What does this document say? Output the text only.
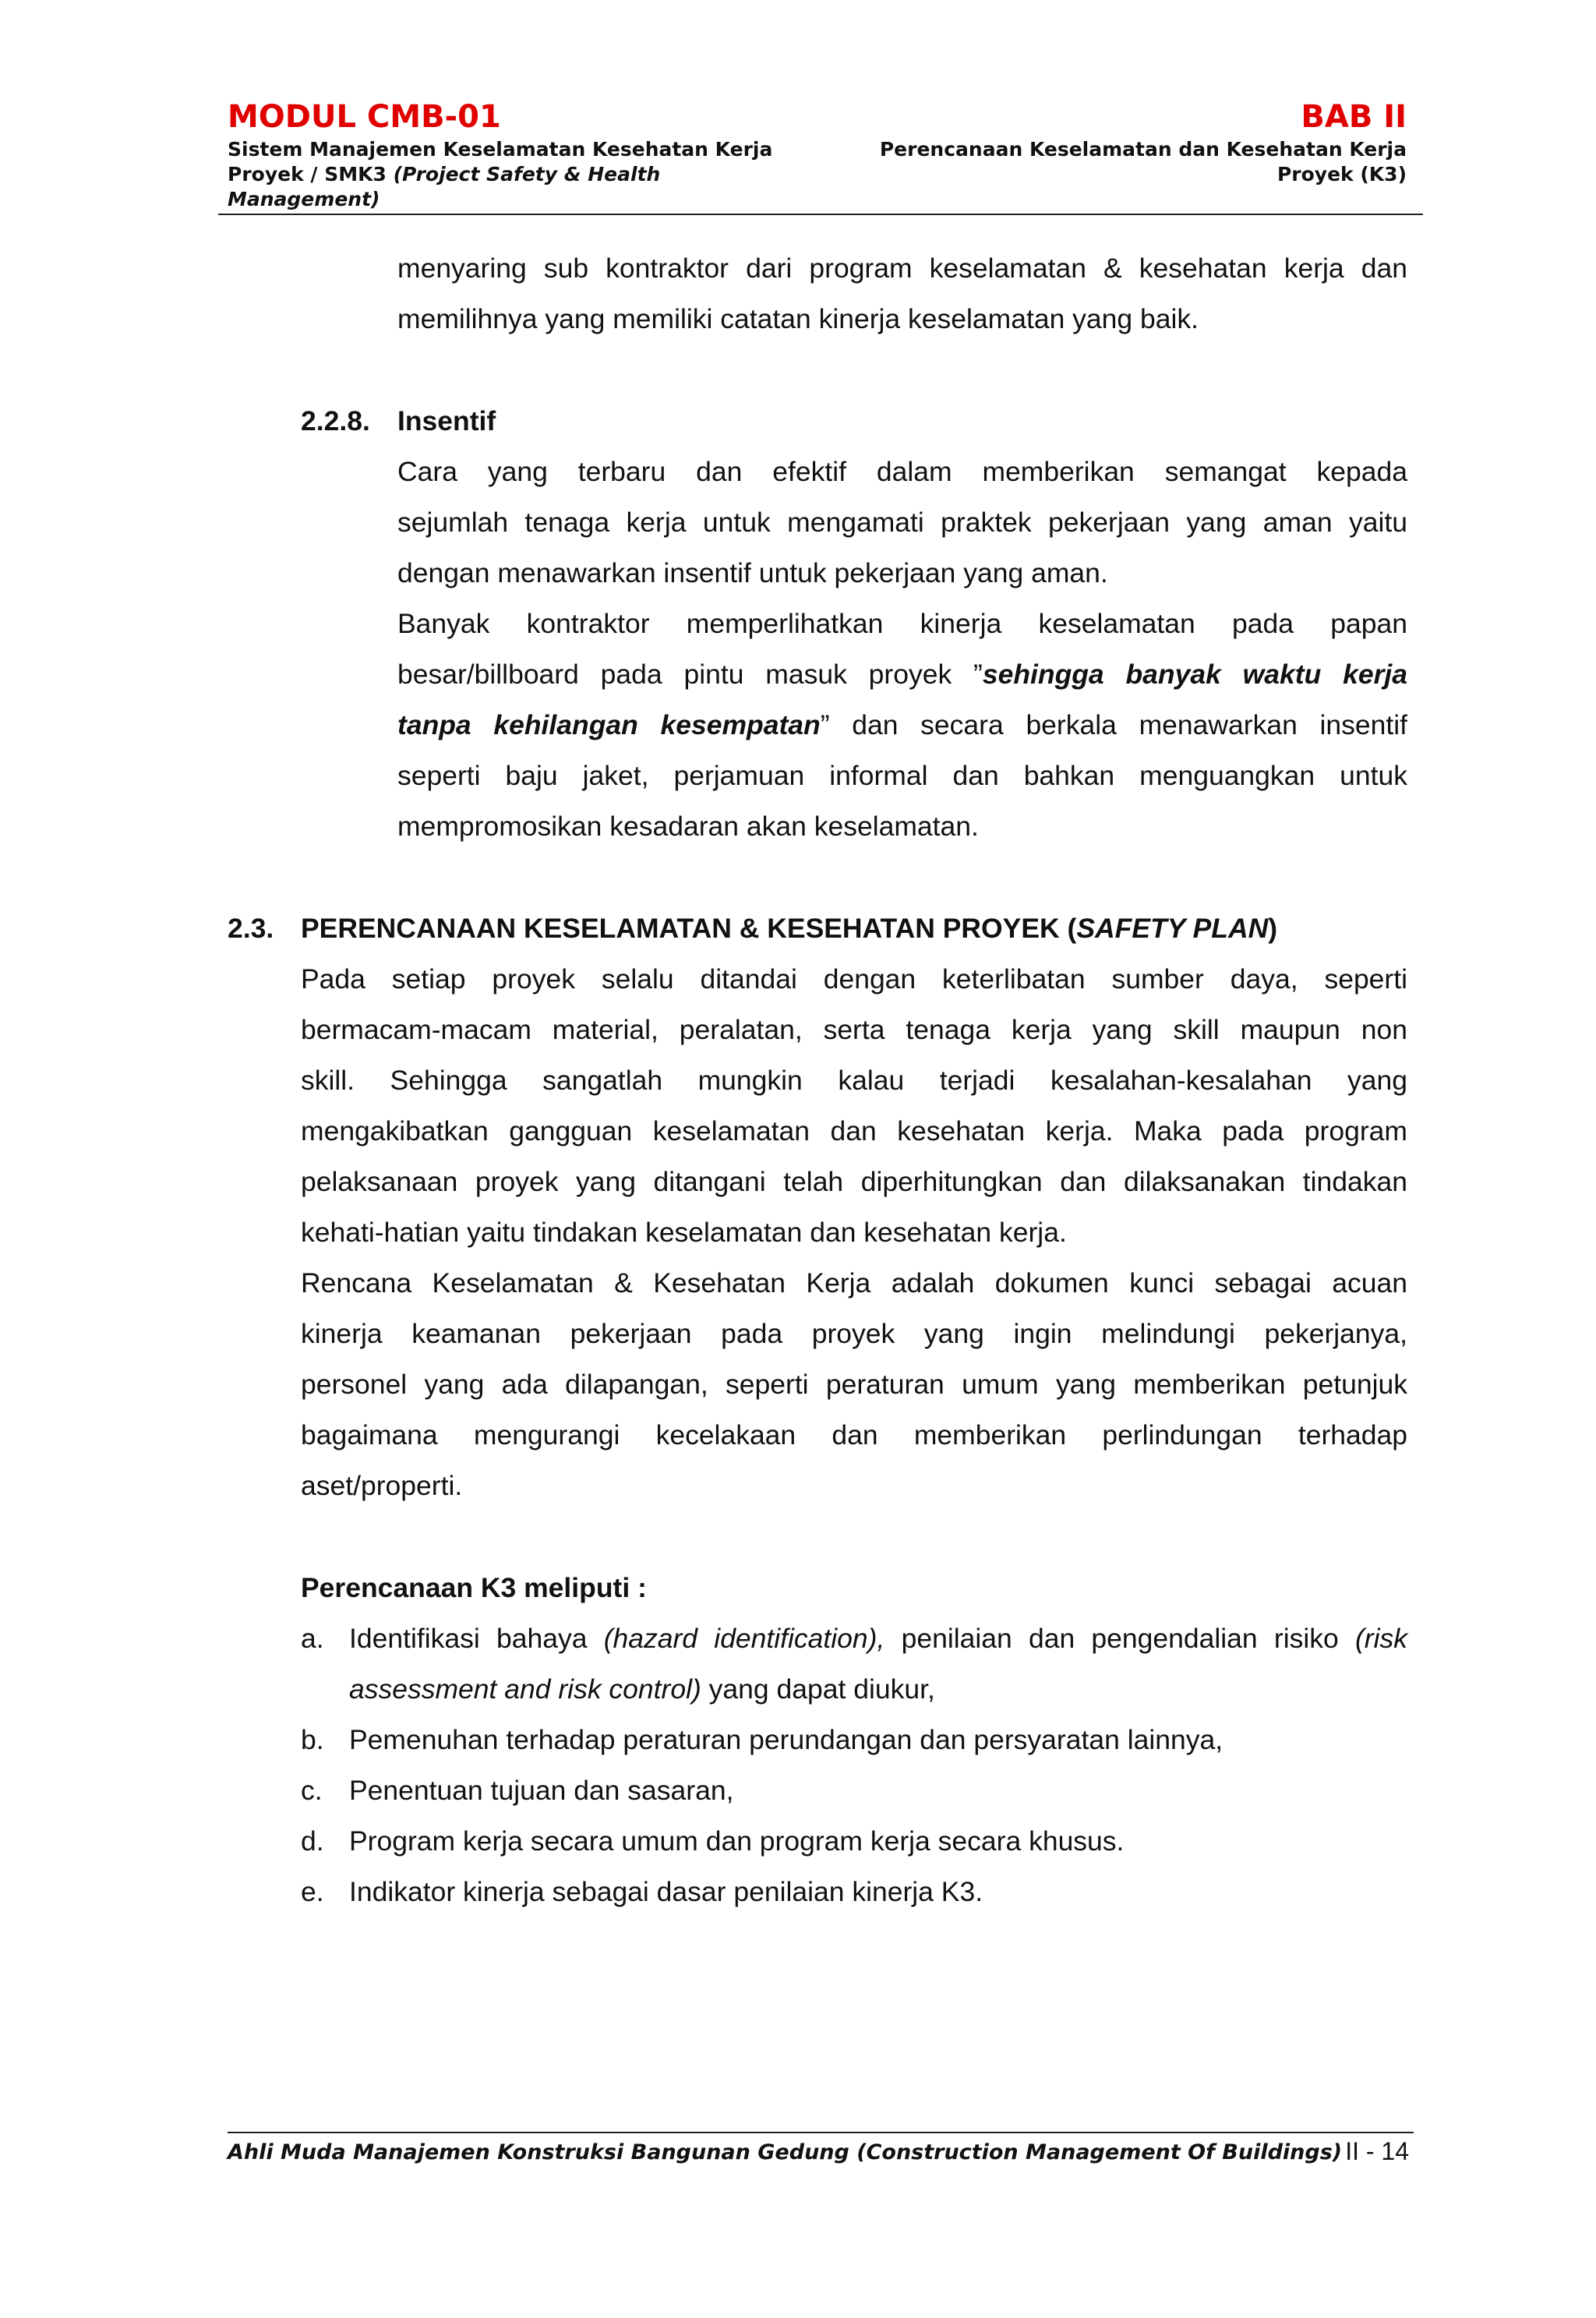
MODUL CMB-01
Sistem Manajemen Keselamatan Kesehatan Kerja
Proyek / SMK3 (Project Safety & Health
Management)
BAB II
Perencanaan Keselamatan dan Kesehatan Kerja
Proyek (K3)
menyaring sub kontraktor dari program keselamatan & kesehatan kerja dan
memilihnya yang memiliki catatan kinerja keselamatan yang baik.
2.2.8. Insentif
Cara yang terbaru dan efektif dalam memberikan semangat kepada
sejumlah tenaga kerja untuk mengamati praktek pekerjaan yang aman yaitu
dengan menawarkan insentif untuk pekerjaan yang aman.
Banyak kontraktor memperlihatkan kinerja keselamatan pada papan
besar/billboard pada pintu masuk proyek ”sehingga banyak waktu kerja
tanpa kehilangan kesempatan” dan secara berkala menawarkan insentif
seperti baju jaket, perjamuan informal dan bahkan menguangkan untuk
mempromosikan kesadaran akan keselamatan.
2.3. PERENCANAAN KESELAMATAN & KESEHATAN PROYEK (SAFETY PLAN)
Pada setiap proyek selalu ditandai dengan keterlibatan sumber daya, seperti
bermacam-macam material, peralatan, serta tenaga kerja yang skill maupun non
skill. Sehingga sangatlah mungkin kalau terjadi kesalahan-kesalahan yang
mengakibatkan gangguan keselamatan dan kesehatan kerja. Maka pada program
pelaksanaan proyek yang ditangani telah diperhitungkan dan dilaksanakan tindakan
kehati-hatian yaitu tindakan keselamatan dan kesehatan kerja.
Rencana Keselamatan & Kesehatan Kerja adalah dokumen kunci sebagai acuan
kinerja keamanan pekerjaan pada proyek yang ingin melindungi pekerjanya,
personel yang ada dilapangan, seperti peraturan umum yang memberikan petunjuk
bagaimana mengurangi kecelakaan dan memberikan perlindungan terhadap
aset/properti.
Perencanaan K3 meliputi :
a. Identifikasi bahaya (hazard identification), penilaian dan pengendalian risiko (risk
assessment and risk control) yang dapat diukur,
b. Pemenuhan terhadap peraturan perundangan dan persyaratan lainnya,
c. Penentuan tujuan dan sasaran,
d. Program kerja secara umum dan program kerja secara khusus.
e. Indikator kinerja sebagai dasar penilaian kinerja K3.
Ahli Muda Manajemen Konstruksi Bangunan Gedung (Construction Management Of Buildings) II - 14
